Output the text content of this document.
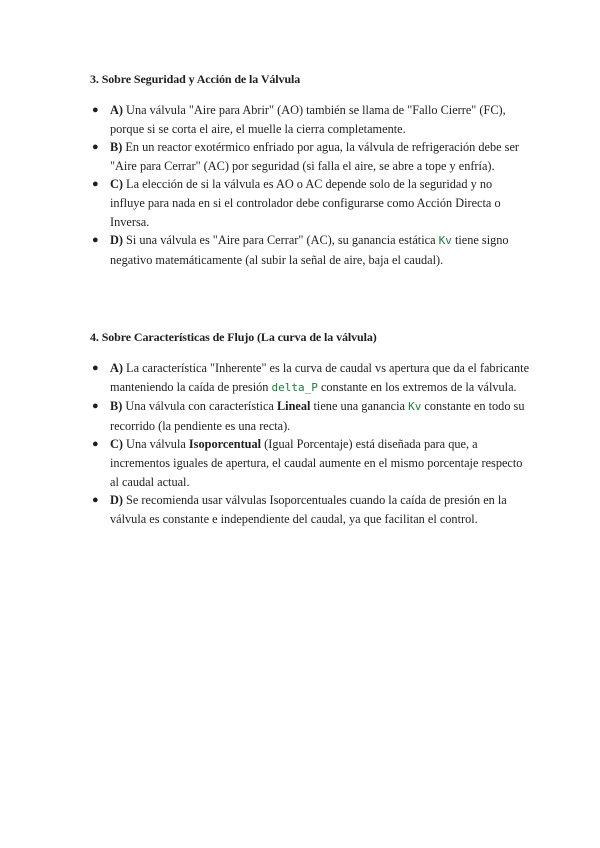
3. Sobre Seguridad y Acción de la Válvula
● A) Una válvula "Aire para Abrir" (AO) también se llama de "Fallo Cierre" (FC), porque si se corta el aire, el muelle la cierra completamente.
● B) En un reactor exotérmico enfriado por agua, la válvula de refrigeración debe ser "Aire para Cerrar" (AC) por seguridad (si falla el aire, se abre a tope y enfría).
● C) La elección de si la válvula es AO o AC depende solo de la seguridad y no influye para nada en si el controlador debe configurarse como Acción Directa o Inversa.
● D) Si una válvula es "Aire para Cerrar" (AC), su ganancia estática Kv tiene signo negativo matemáticamente (al subir la señal de aire, baja el caudal).
4. Sobre Características de Flujo (La curva de la válvula)
● A) La característica "Inherente" es la curva de caudal vs apertura que da el fabricante manteniendo la caída de presión delta_P constante en los extremos de la válvula.
● B) Una válvula con característica Lineal tiene una ganancia Kv constante en todo su recorrido (la pendiente es una recta).
● C) Una válvula Isoporcentual (Igual Porcentaje) está diseñada para que, a incrementos iguales de apertura, el caudal aumente en el mismo porcentaje respecto al caudal actual.
● D) Se recomienda usar válvulas Isoporcentuales cuando la caída de presión en la válvula es constante e independiente del caudal, ya que facilitan el control.
